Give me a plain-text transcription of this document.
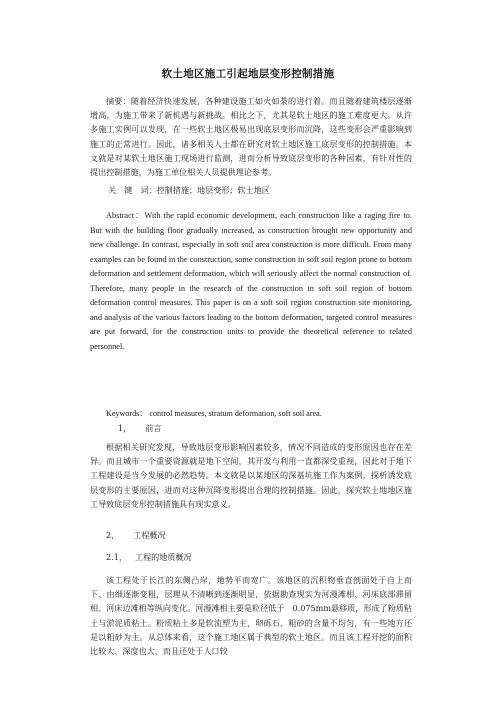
软土地区施工引起地层变形控制措施

摘要：随着经济快速发展，各种建设施工如火如荼的进行着。而且随着建筑楼层逐渐增高，为施工带来了新机遇与新挑战。相比之下，尤其是软土地区的施工难度更大。从许多施工实例可以发现，在一些软土地区极易出现底层变形而沉降，这些变形会严重影响到施工的正常进行。因此，诸多相关人士都在研究对软土地区施工底层变形的控制措施。本文就是对某软土地区施工现场进行监测，进而分析导致底层变形的各种因素，有针对性的提出控制措施，为施工单位相关人员提供理论参考。

关　键　词：控制措施；地层变形；软土地区

Abstract：With the rapid economic development, each construction like a raging fire to. But with the building floor gradually increased, as construction brought new opportunity and new challenge. In contrast, especially in soft soil area construction is more difficult. From many examples can be found in the construction, some construction in soft soil region prone to bottom deformation and settlement deformation, which will seriously affect the normal construction of. Therefore, many people in the research of the construction in soft soil region of bottom deformation control measures. This paper is on a soft soil region construction site monitoring, and analysis of the various factors leading to the bottom deformation, targeted control measures are put forward, for the construction units to provide the theoretical reference to related personnel.

Keywords： control measures, stratum deformation, soft soil area.
1， 前言

根据相关研究发现，导致地层变形影响因素较多，情况不同造成的变形原因也存在差异。而且城市一个重要资源就是地下空间，其开发与利用一直都深受重视，因此对于地下工程建设是当今发展的必然趋势。本文就是以某地区的深基坑施工作为案例，探析诱发底层变形的主要原因，进而对这种沉降变形提出合理的控制措施。因此，探究软土地地区施工导致底层变形控制措施具有现实意义。

2， 工程概况
2.1， 工程的地质概况

该工程处于长江的东侧凸岸，地势平而宽广。该地区的沉积物垂直剖面处于自上而下、由细逐渐变粗，层理从不清晰到逐渐明显，依据勘查现实为河漫滩相、河床底部滞留相、河床边滩相等纵向变化。河漫滩相主要是粒径低于　0.075mm悬移质，形成了粉质粘土与淤泥质粘土。粉质粘土多是软流塑为主，卵砾石、粗砂的含量不均匀，有一些地方还是以粗砂为主。从总体来看，这个施工地区属于典型的软土地区。而且该工程开挖的面积比较大、深度也大，而且还处于人口较
